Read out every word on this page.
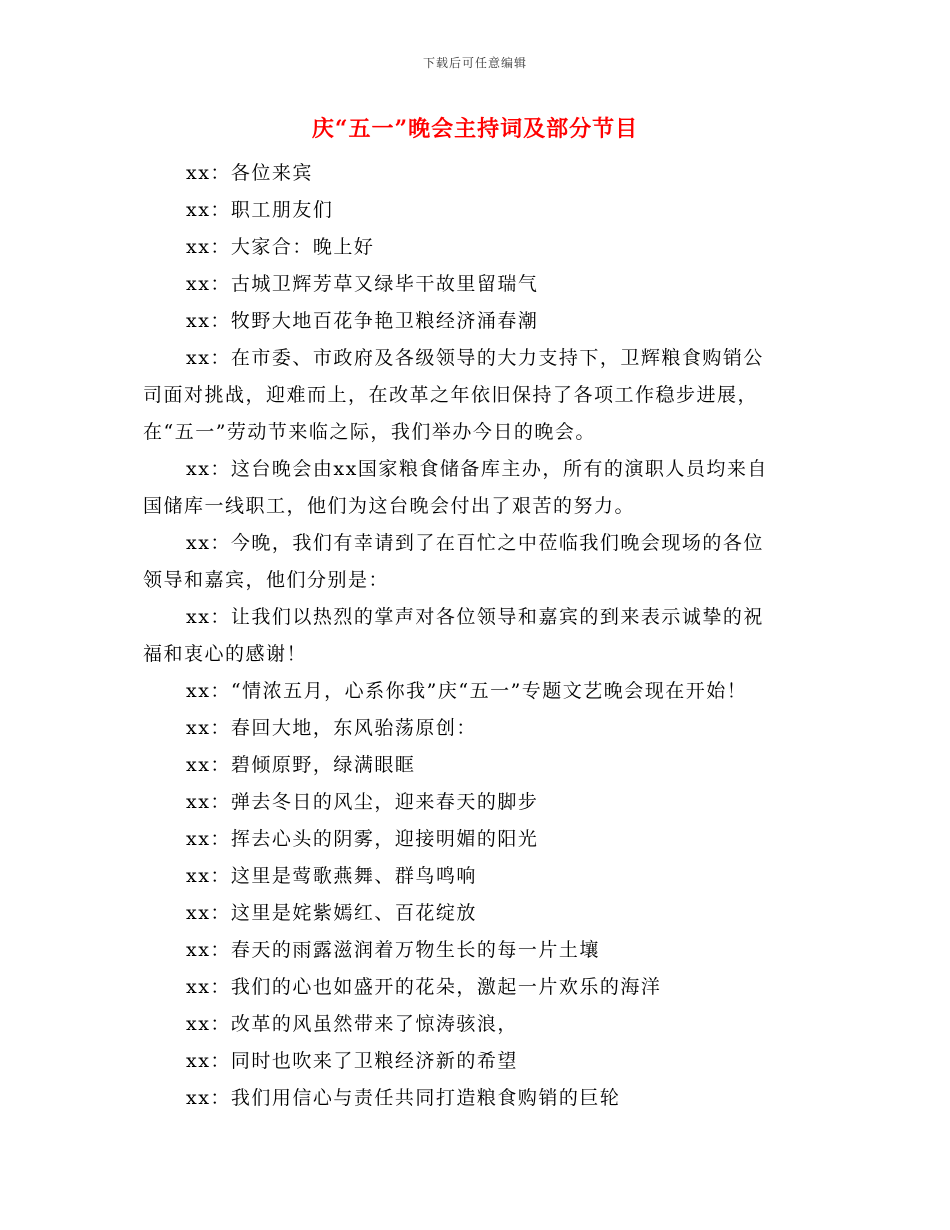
下载后可任意编辑
庆“五一”晚会主持词及部分节目

xx：各位来宾

xx：职工朋友们

xx：大家合：晚上好

xx：古城卫辉芳草又绿毕干故里留瑞气

xx：牧野大地百花争艳卫粮经济涌春潮

xx：在市委、市政府及各级领导的大力支持下，卫辉粮食购销公
司面对挑战，迎难而上，在改革之年依旧保持了各项工作稳步进展，
在“五一”劳动节来临之际，我们举办今日的晚会。

xx：这台晚会由xx国家粮食储备库主办，所有的演职人员均来自
国储库一线职工，他们为这台晚会付出了艰苦的努力。

xx：今晚，我们有幸请到了在百忙之中莅临我们晚会现场的各位
领导和嘉宾，他们分别是：

xx：让我们以热烈的掌声对各位领导和嘉宾的到来表示诚挚的祝
福和衷心的感谢！

xx：“情浓五月，心系你我”庆“五一”专题文艺晚会现在开始！

xx：春回大地，东风骀荡原创：

xx：碧倾原野，绿满眼眶

xx：弹去冬日的风尘，迎来春天的脚步

xx：挥去心头的阴雾，迎接明媚的阳光

xx：这里是莺歌燕舞、群鸟鸣响

xx：这里是姹紫嫣红、百花绽放

xx：春天的雨露滋润着万物生长的每一片土壤

xx：我们的心也如盛开的花朵，激起一片欢乐的海洋

xx：改革的风虽然带来了惊涛骇浪，

xx：同时也吹来了卫粮经济新的希望

xx：我们用信心与责任共同打造粮食购销的巨轮
